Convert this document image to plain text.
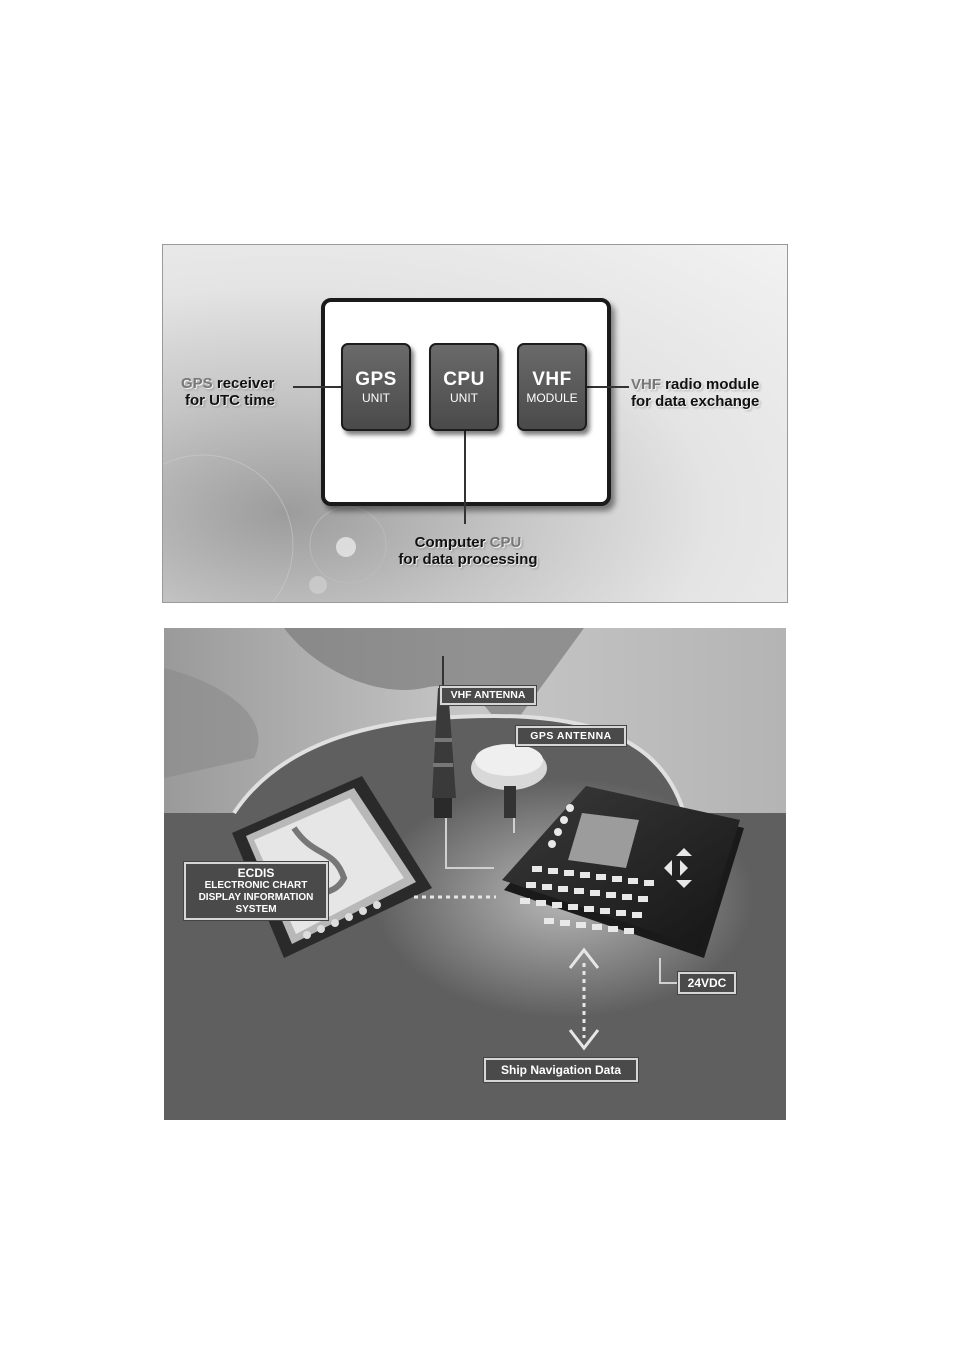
GPS
UNIT
CPU
UNIT
VHF
MODULE
GPS receiver
for UTC time
VHF radio module
for data exchange
Computer CPU
for data processing
VHF ANTENNA
GPS ANTENNA
ECDIS
ELECTRONIC CHART
DISPLAY INFORMATION
SYSTEM
24VDC
Ship Navigation Data
